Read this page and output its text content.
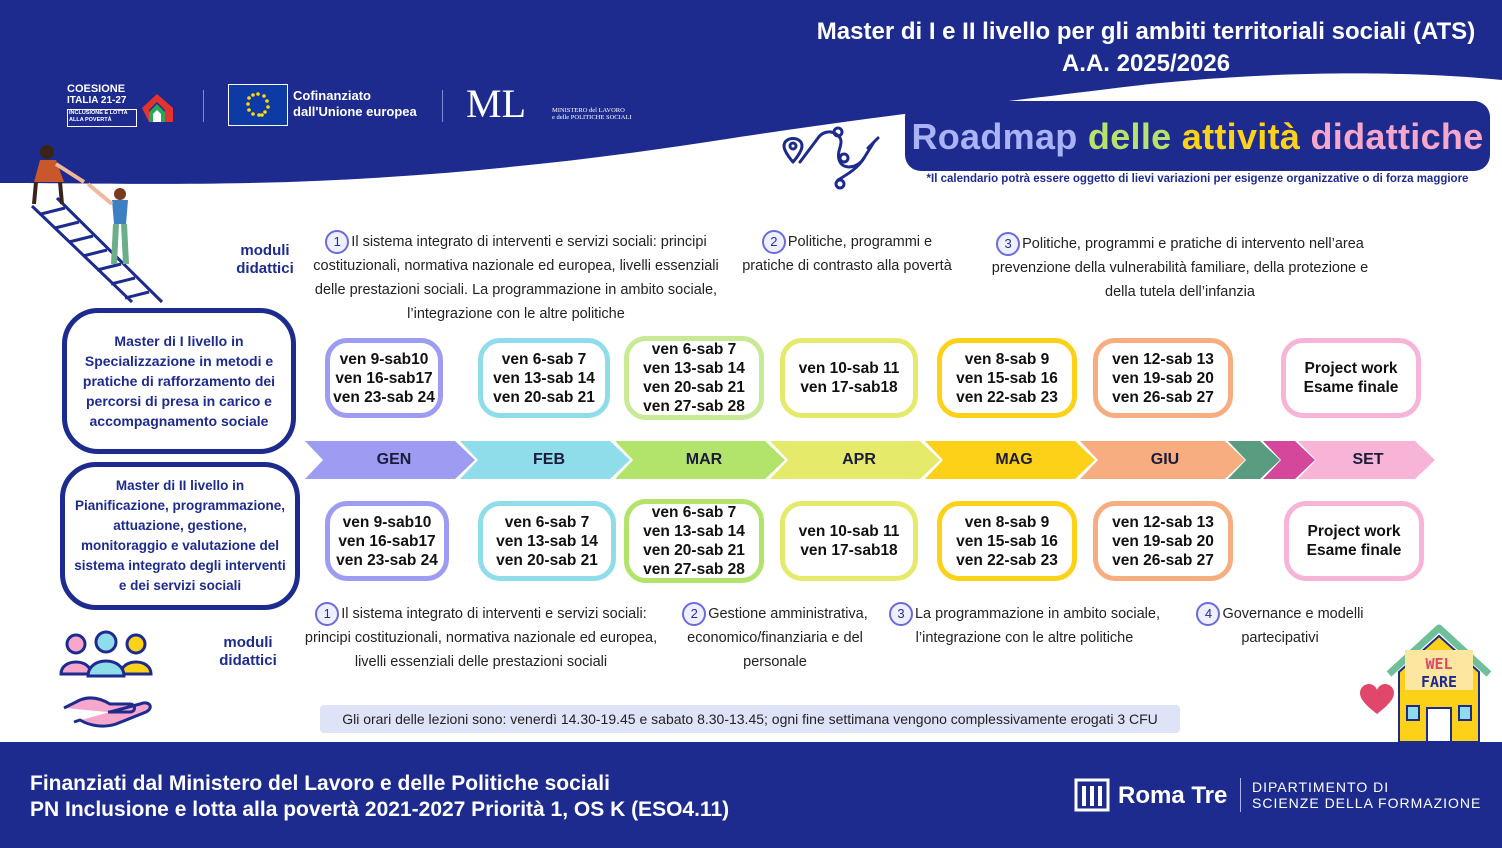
Master di I e II livello per gli ambiti territoriali sociali (ATS)
A.A. 2025/2026
COESIONE
ITALIA 21-27
INCLUSIONE E LOTTA
ALLA POVERTÀ
Cofinanziato
dall'Unione europea ML	MINISTERO del LAVORO
e delle POLITICHE SOCIALI	Roadmap delle attività didattiche
*Il calendario potrà essere oggetto di lievi variazioni per esigenze organizzative o di forza maggiore
moduli
didattici
moduli
didattici
1 Il sistema integrato di interventi e servizi sociali: principi costituzionali, normativa nazionale ed europea, livelli essenziali delle prestazioni sociali. La programmazione in ambito sociale, l’integrazione con le altre politiche
2 Politiche, programmi e pratiche di contrasto alla povertà
3 Politiche, programmi e pratiche di intervento nell’area prevenzione della vulnerabilità familiare, della protezione e della tutela dell’infanzia
Master di I livello in Specializzazione in metodi e pratiche di rafforzamento dei percorsi di presa in carico e accompagnamento sociale
Master di II livello in Pianificazione, programmazione, attuazione, gestione, monitoraggio e valutazione del sistema integrato degli interventi e dei servizi sociali
ven 9-sab10
ven 16-sab17
ven 23-sab 24
ven 6-sab 7
ven 13-sab 14
ven 20-sab 21
ven 6-sab 7
ven 13-sab 14
ven 20-sab 21
ven 27-sab 28
ven 10-sab 11
ven 17-sab18
ven 8-sab 9
ven 15-sab 16
ven 22-sab 23
ven 12-sab 13
ven 19-sab 20
ven 26-sab 27
Project work
Esame finale
GEN	FEB	MAR	APR	MAG	GIU	SET
ven 9-sab10
ven 16-sab17
ven 23-sab 24
ven 6-sab 7
ven 13-sab 14
ven 20-sab 21
ven 6-sab 7
ven 13-sab 14
ven 20-sab 21
ven 27-sab 28
ven 10-sab 11
ven 17-sab18
ven 8-sab 9
ven 15-sab 16
ven 22-sab 23
ven 12-sab 13
ven 19-sab 20
ven 26-sab 27
Project work
Esame finale
1 Il sistema integrato di interventi e servizi sociali: principi costituzionali, normativa nazionale ed europea, livelli essenziali delle prestazioni sociali
2 Gestione amministrativa, economico/finanziaria e del personale
3 La programmazione in ambito sociale, l’integrazione con le altre politiche
4 Governance e modelli partecipativi
Gli orari delle lezioni sono: venerdì 14.30-19.45 e sabato 8.30-13.45; ogni fine settimana vengono complessivamente erogati 3 CFU
WEL
FARE
Finanziati dal Ministero del Lavoro e delle Politiche sociali
PN Inclusione e lotta alla povertà 2021-2027 Priorità 1, OS K (ESO4.11)
Roma Tre DIPARTIMENTO DI
SCIENZE DELLA FORMAZIONE
